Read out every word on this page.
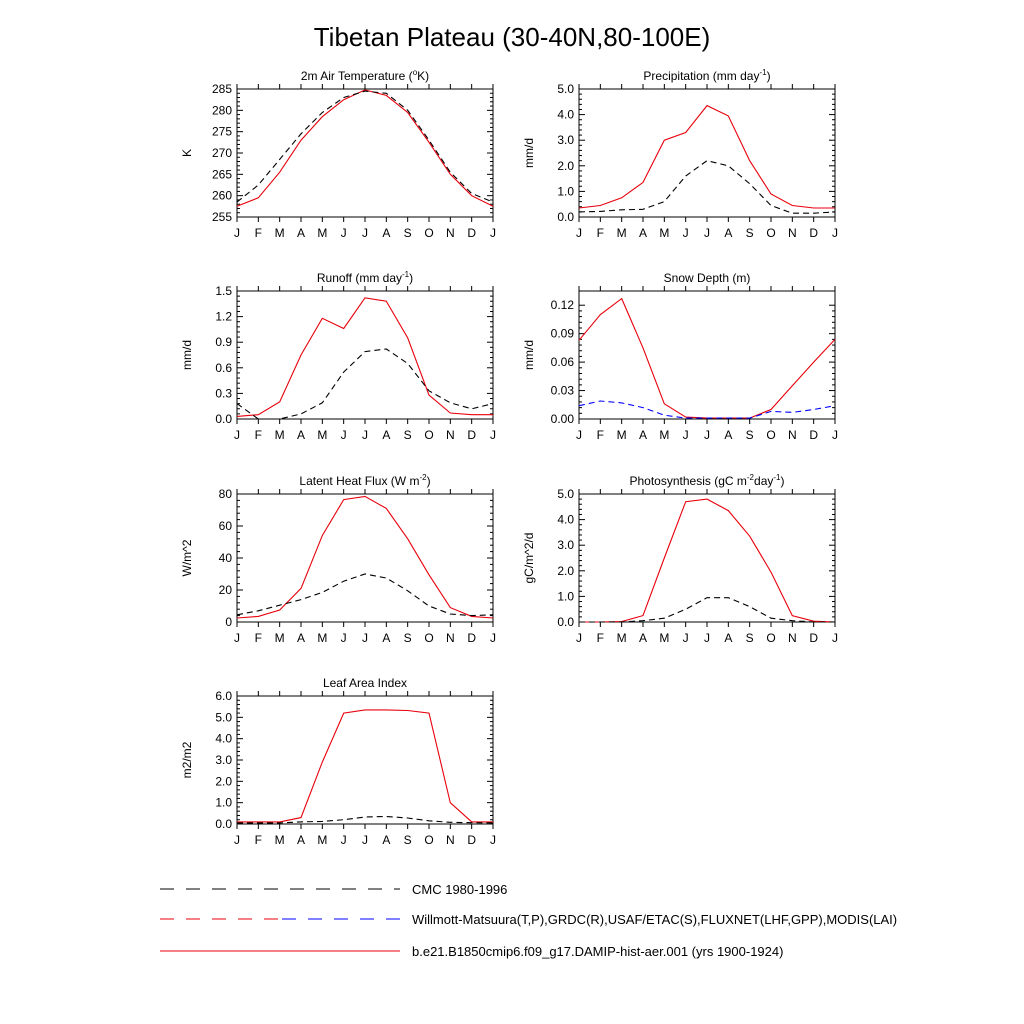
Tibetan Plateau (30-40N,80-100E)
2m Air Temperature ($^o$K)
K
255
260
265
270
275
280
285
J F M A M J J A S O N D J
Precipitation (mm day$^{-1}$)
mm/d
0.0
1.0
2.0
3.0
4.0
5.0
J F M A M J J A S O N D J
Runoff (mm day$^{-1}$)
mm/d
0.0
0.3
0.6
0.9
1.2
1.5
J F M A M J J A S O N D J
Snow Depth (m)
mm/d
0.00
0.03
0.06
0.09
0.12
J F M A M J J A S O N D J
Latent Heat Flux (W $m^{-2}$)
W/m^2
0
20
40
60
80
J F M A M J J A S O N D J
Photosynthesis (gC $m^{-2}day^{-1}$)
gC/m^2/d
0.0
1.0
2.0
3.0
4.0
5.0
J F M A M J J A S O N D J
Leaf Area Index
m2/m2
0.0
1.0
2.0
3.0
4.0
5.0
6.0
J F M A M J J A S O N D J
CMC 1980-1996
Willmott-Matsuura(T,P),GRDC(R),USAF/ETAC(S),FLUXNET(LHF,GPP),MODIS(LAI)
b.e21.B1850cmip6.f09_g17.DAMIP-hist-aer.001 (yrs 1900-1924)
